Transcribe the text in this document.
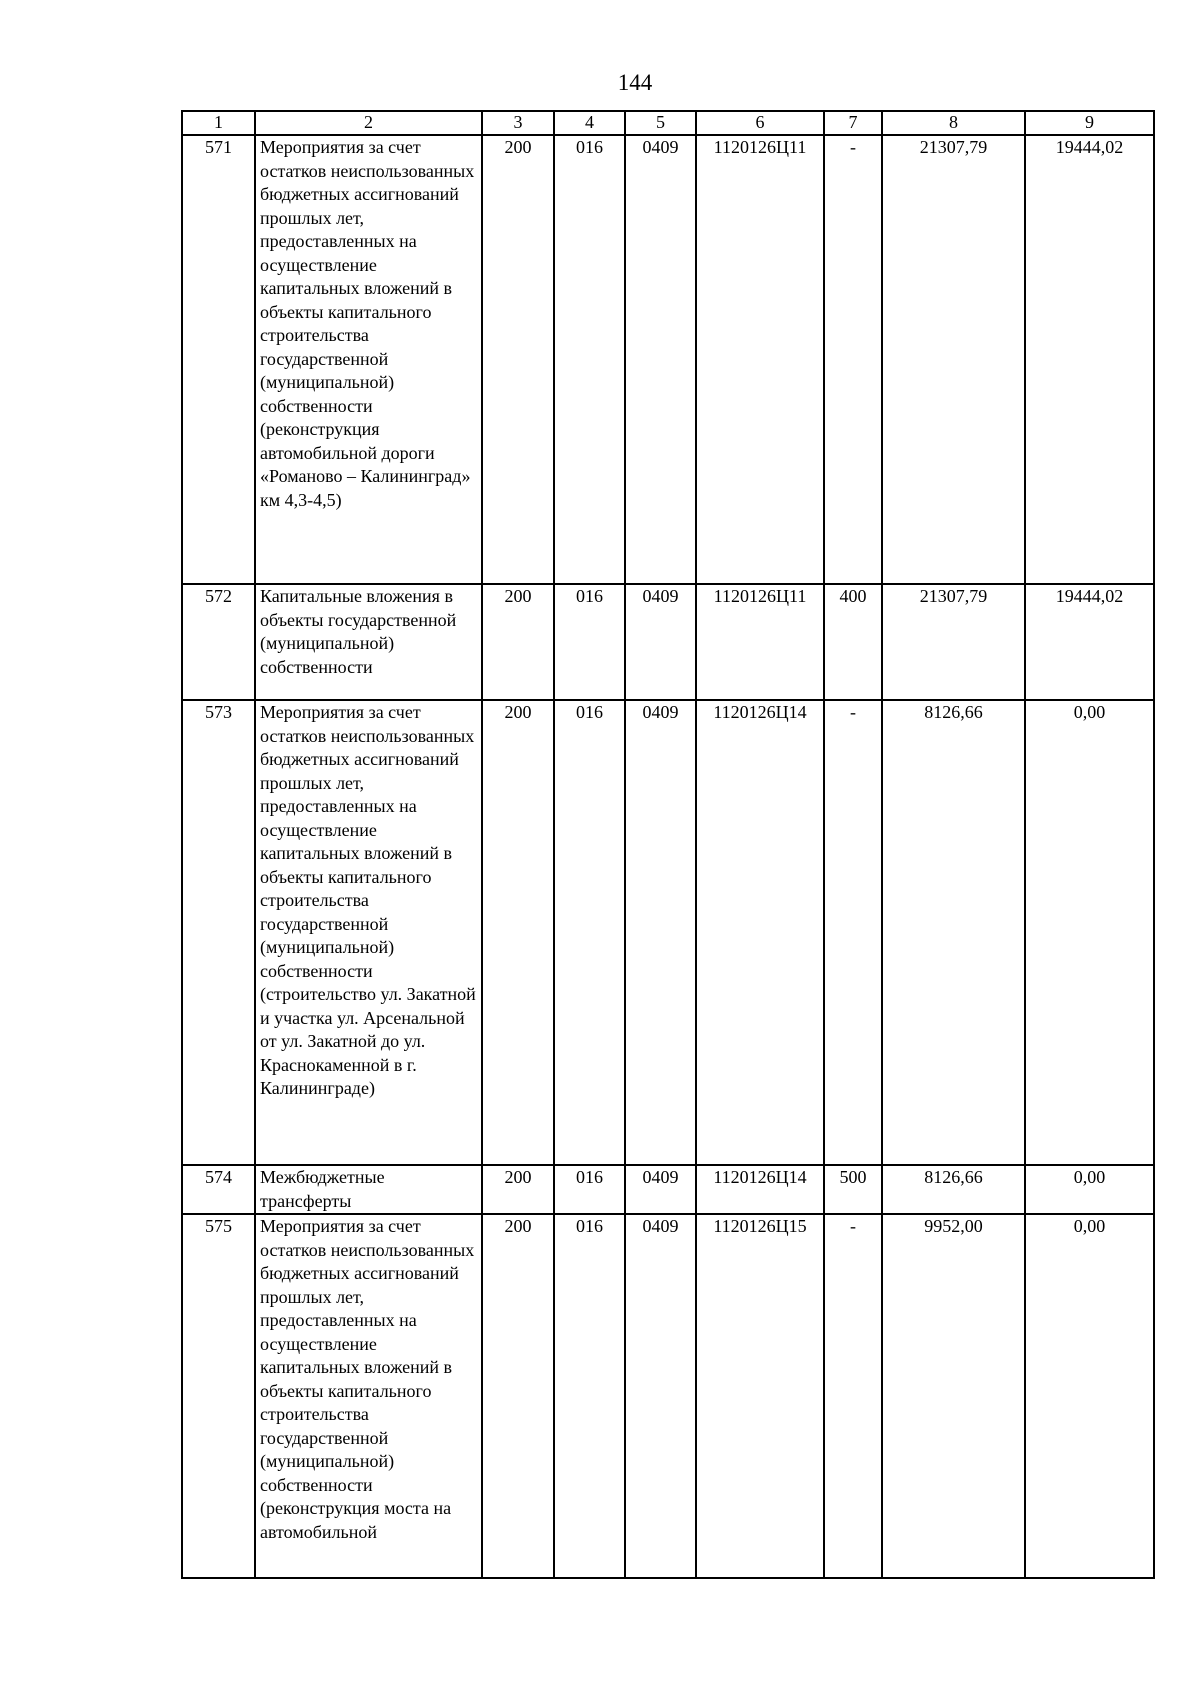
144
1	2	3	4	5	6	7	8	9
571	Мероприятия за счет остатков неиспользованных бюджетных ассигнований прошлых лет, предоставленных на осуществление капитальных вложений в объекты капитального строительства государственной (муниципальной) собственности (реконструкция автомобильной дороги «Романово – Калининград» км 4,3-4,5)	200	016	0409	1120126Ц11	-	21307,79	19444,02
572	Капитальные вложения в объекты государственной (муниципальной) собственности	200	016	0409	1120126Ц11	400	21307,79	19444,02
573	Мероприятия за счет остатков неиспользованных бюджетных ассигнований прошлых лет, предоставленных на осуществление капитальных вложений в объекты капитального строительства государственной (муниципальной) собственности (строительство ул. Закатной и участка ул. Арсенальной от ул. Закатной до ул. Краснокаменной в г. Калининграде)	200	016	0409	1120126Ц14	-	8126,66	0,00
574	Межбюджетные трансферты	200	016	0409	1120126Ц14	500	8126,66	0,00
575	Мероприятия за счет остатков неиспользованных бюджетных ассигнований прошлых лет, предоставленных на осуществление капитальных вложений в объекты капитального строительства государственной (муниципальной) собственности (реконструкция моста на автомобильной	200	016	0409	1120126Ц15	-	9952,00	0,00
